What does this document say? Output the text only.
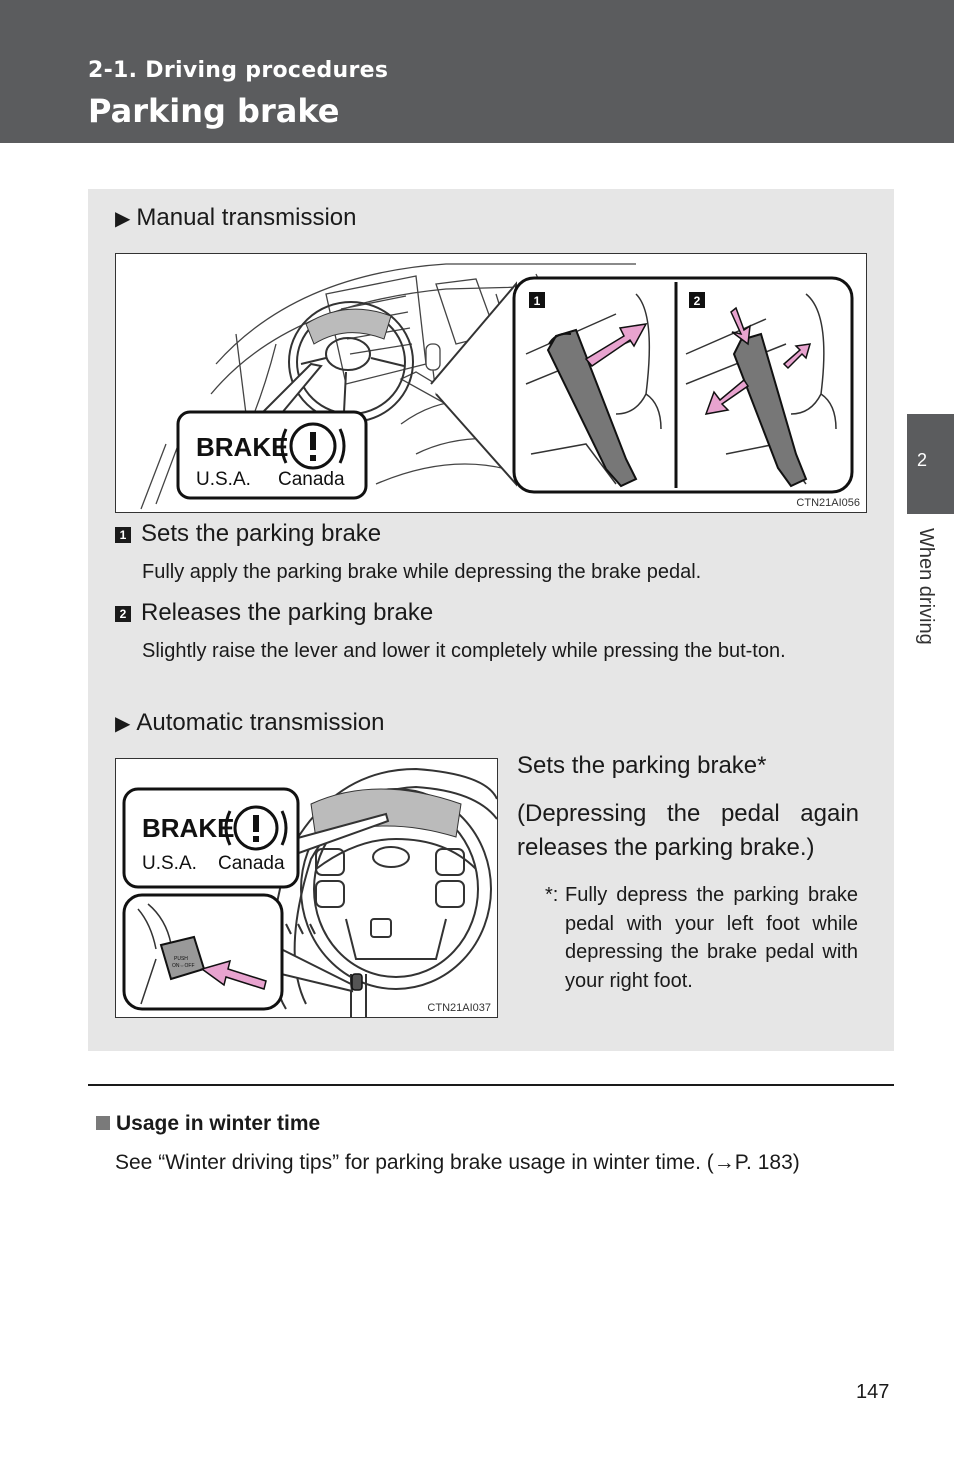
2-1. Driving procedures
Parking brake
2
When driving
▶ Manual transmission
BRAKE
U.S.A. Canada
1	2
CTN21AI056
1 Sets the parking brake
Fully apply the parking brake while depressing the brake pedal.
2 Releases the parking brake
Slightly raise the lever and lower it completely while pressing the but-ton.
▶ Automatic transmission
BRAKE
U.S.A. Canada
PUSH
ON⇔OFF
CTN21AI037
Sets the parking brake*
(Depressing the pedal again releases the parking brake.)
*: Fully depress the parking brake pedal with your left foot while depressing the brake pedal with your right foot.
Usage in winter time
See “Winter driving tips” for parking brake usage in winter time. (→P. 183)
147
